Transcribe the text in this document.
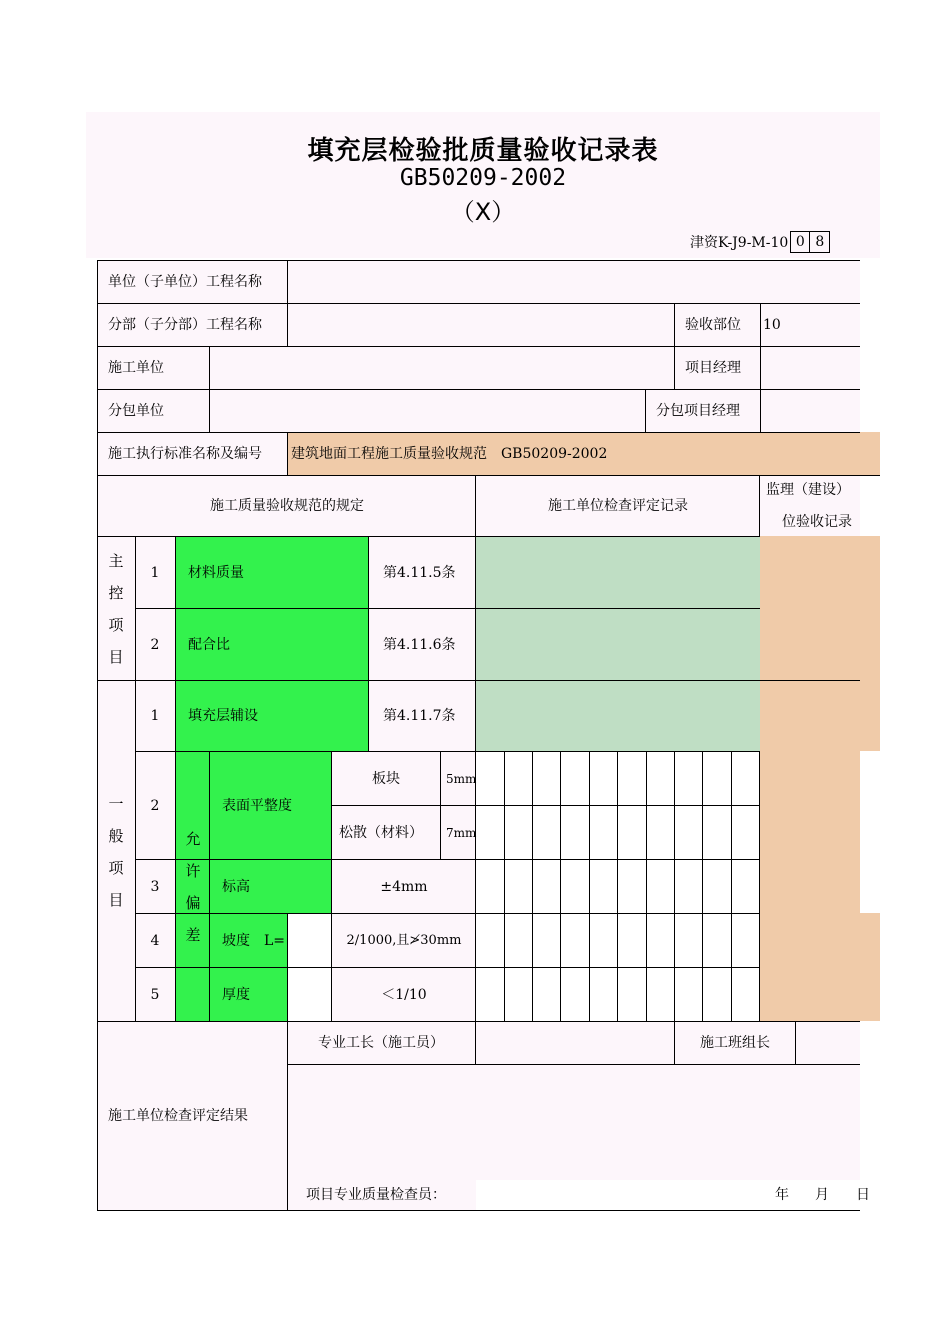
填充层检验批质量验收记录表
GB50209-2002
（Ⅹ）
津资K-J9-M-10 0 8
单位（子单位）工程名称
分部（子分部）工程名称	验收部位 10
施工单位	项目经理
分包单位	分包项目经理
施工执行标准名称及编号 建筑地面工程施工质量验收规范　GB50209-2002
施工质量验收规范的规定	施工单位检查评定记录
监理（建设）
位验收记录
主
控
项
目
1 材料质量	第4.11.5条
2 配合比	第4.11.6条
一
般
项
目
1 填充层辅设	第4.11.7条
允
许
偏
差
2	表面平整度
板块	5mm
松散（材料） 7mm
3	标高	±4mm
4	坡度　L=	2/1000,且≯30mm
5	厚度	＜1/10
施工单位检查评定结果
专业工长（施工员）	施工班组长
项目专业质量检查员：	年 月 日
